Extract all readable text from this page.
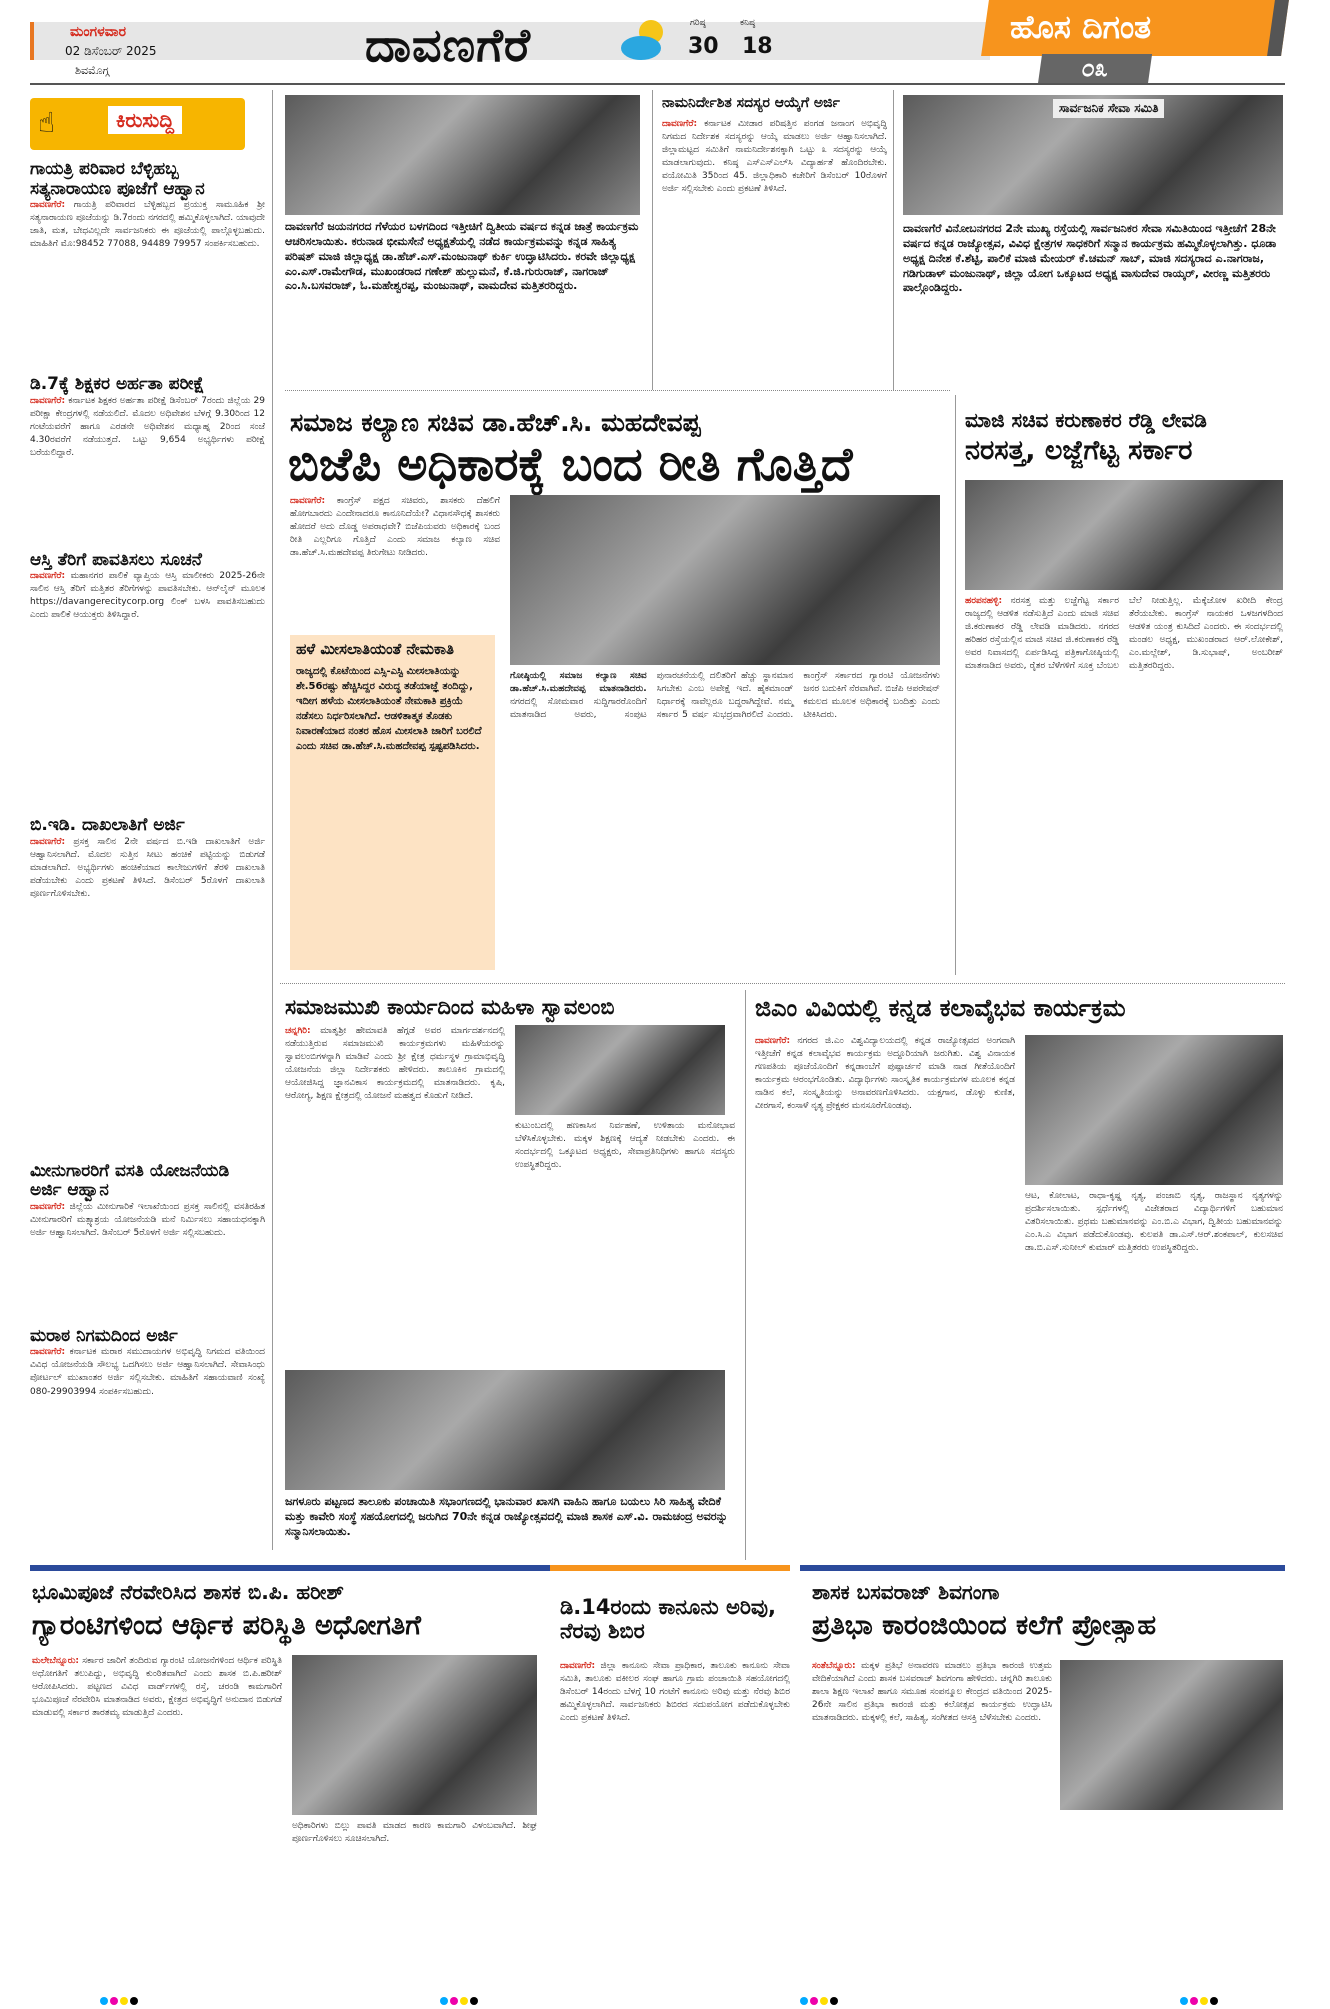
ಮಂಗಳವಾರ
02 ಡಿಸೆಂಬರ್ 2025
ಶಿವಮೊಗ್ಗ	ದಾವಣಗೆರೆ	ಗರಿಷ್ಠ
30
ಕನಿಷ್ಠ
18
ಹೊಸ ದಿಗಂತ
೦೩
☝	ಕಿರುಸುದ್ದಿ
ಗಾಯತ್ರಿ ಪರಿವಾರ ಬೆಳ್ಳಿಹಬ್ಬ ಸತ್ಯನಾರಾಯಣ ಪೂಜೆಗೆ ಆಹ್ವಾನ
ದಾವಣಗೆರೆ: ಗಾಯತ್ರಿ ಪರಿವಾರದ ಬೆಳ್ಳಿಹಬ್ಬದ ಪ್ರಯುಕ್ತ ಸಾಮೂಹಿಕ ಶ್ರೀ ಸತ್ಯನಾರಾಯಣ ಪೂಜೆಯನ್ನು ಡಿ.7ರಂದು ನಗರದಲ್ಲಿ ಹಮ್ಮಿಕೊಳ್ಳಲಾಗಿದೆ. ಯಾವುದೇ ಜಾತಿ, ಮತ, ಬೇಧವಿಲ್ಲದೇ ಸಾರ್ವಜನಿಕರು ಈ ಪೂಜೆಯಲ್ಲಿ ಪಾಲ್ಗೊಳ್ಳಬಹುದು. ಮಾಹಿತಿಗೆ ಮೊ:98452 77088, 94489 79957 ಸಂಪರ್ಕಿಸಬಹುದು.
ಡಿ.7ಕ್ಕೆ ಶಿಕ್ಷಕರ ಅರ್ಹತಾ ಪರೀಕ್ಷೆ
ದಾವಣಗೆರೆ: ಕರ್ನಾಟಕ ಶಿಕ್ಷಕರ ಅರ್ಹತಾ ಪರೀಕ್ಷೆ ಡಿಸೆಂಬರ್ 7ರಂದು ಜಿಲ್ಲೆಯ 29 ಪರೀಕ್ಷಾ ಕೇಂದ್ರಗಳಲ್ಲಿ ನಡೆಯಲಿದೆ. ಮೊದಲ ಅಧಿವೇಶನ ಬೆಳಗ್ಗೆ 9.30ರಿಂದ 12 ಗಂಟೆಯವರೆಗೆ ಹಾಗೂ ಎರಡನೇ ಅಧಿವೇಶನ ಮಧ್ಯಾಹ್ನ 2ರಿಂದ ಸಂಜೆ 4.30ರವರೆಗೆ ನಡೆಯುತ್ತದೆ. ಒಟ್ಟು 9,654 ಅಭ್ಯರ್ಥಿಗಳು ಪರೀಕ್ಷೆ ಬರೆಯಲಿದ್ದಾರೆ.
ಆಸ್ತಿ ತೆರಿಗೆ ಪಾವತಿಸಲು ಸೂಚನೆ
ದಾವಣಗೆರೆ: ಮಹಾನಗರ ಪಾಲಿಕೆ ವ್ಯಾಪ್ತಿಯ ಆಸ್ತಿ ಮಾಲೀಕರು 2025-26ನೇ ಸಾಲಿನ ಆಸ್ತಿ ತೆರಿಗೆ ಮತ್ತಿತರ ತೆರಿಗೆಗಳನ್ನು ಪಾವತಿಸಬೇಕು. ಆನ್‌ಲೈನ್ ಮೂಲಕ https://davangerecitycorp.org ಲಿಂಕ್ ಬಳಸಿ ಪಾವತಿಸಬಹುದು ಎಂದು ಪಾಲಿಕೆ ಆಯುಕ್ತರು ತಿಳಿಸಿದ್ದಾರೆ.
ಬಿ.ಇಡಿ. ದಾಖಲಾತಿಗೆ ಅರ್ಜಿ
ದಾವಣಗೆರೆ: ಪ್ರಸಕ್ತ ಸಾಲಿನ 2ನೇ ವರ್ಷದ ಬಿ.ಇಡಿ ದಾಖಲಾತಿಗೆ ಅರ್ಜಿ ಆಹ್ವಾನಿಸಲಾಗಿದೆ. ಮೊದಲ ಸುತ್ತಿನ ಸೀಟು ಹಂಚಿಕೆ ಪಟ್ಟಿಯನ್ನು ಬಿಡುಗಡೆ ಮಾಡಲಾಗಿದೆ. ಅಭ್ಯರ್ಥಿಗಳು ಹಂಚಿಕೆಯಾದ ಕಾಲೇಜುಗಳಿಗೆ ತೆರಳಿ ದಾಖಲಾತಿ ಪಡೆಯಬೇಕು ಎಂದು ಪ್ರಕಟಣೆ ತಿಳಿಸಿದೆ. ಡಿಸೆಂಬರ್ 5ರೊಳಗೆ ದಾಖಲಾತಿ ಪೂರ್ಣಗೊಳಿಸಬೇಕು.
ಮೀನುಗಾರರಿಗೆ ವಸತಿ ಯೋಜನೆಯಡಿ ಅರ್ಜಿ ಆಹ್ವಾನ
ದಾವಣಗೆರೆ: ಜಿಲ್ಲೆಯ ಮೀನುಗಾರಿಕೆ ಇಲಾಖೆಯಿಂದ ಪ್ರಸಕ್ತ ಸಾಲಿನಲ್ಲಿ ವಸತಿರಹಿತ ಮೀನುಗಾರರಿಗೆ ಮತ್ಸ್ಯಾಶ್ರಯ ಯೋಜನೆಯಡಿ ಮನೆ ನಿರ್ಮಿಸಲು ಸಹಾಯಧನಕ್ಕಾಗಿ ಅರ್ಜಿ ಆಹ್ವಾನಿಸಲಾಗಿದೆ. ಡಿಸೆಂಬರ್ 5ರೊಳಗೆ ಅರ್ಜಿ ಸಲ್ಲಿಸಬಹುದು.
ಮರಾಠ ನಿಗಮದಿಂದ ಅರ್ಜಿ
ದಾವಣಗೆರೆ: ಕರ್ನಾಟಕ ಮರಾಠ ಸಮುದಾಯಗಳ ಅಭಿವೃದ್ಧಿ ನಿಗಮದ ವತಿಯಿಂದ ವಿವಿಧ ಯೋಜನೆಯಡಿ ಸೌಲಭ್ಯ ಒದಗಿಸಲು ಅರ್ಜಿ ಆಹ್ವಾನಿಸಲಾಗಿದೆ. ಸೇವಾಸಿಂಧು ಪೋರ್ಟಲ್ ಮುಖಾಂತರ ಅರ್ಜಿ ಸಲ್ಲಿಸಬೇಕು. ಮಾಹಿತಿಗೆ ಸಹಾಯವಾಣಿ ಸಂಖ್ಯೆ 080-29903994 ಸಂಪರ್ಕಿಸಬಹುದು.
ದಾವಣಗೆರೆ ಜಯನಗರದ ಗೆಳೆಯರ ಬಳಗದಿಂದ ಇತ್ತೀಚಿಗೆ ದ್ವಿತೀಯ ವರ್ಷದ ಕನ್ನಡ ಜಾತ್ರೆ ಕಾರ್ಯಕ್ರಮ ಆಚರಿಸಲಾಯಿತು. ಕರುನಾಡ ಭೀಮಸೇನೆ ಅಧ್ಯಕ್ಷತೆಯಲ್ಲಿ ನಡೆದ ಕಾರ್ಯಕ್ರಮವನ್ನು ಕನ್ನಡ ಸಾಹಿತ್ಯ ಪರಿಷತ್ ಮಾಜಿ ಜಿಲ್ಲಾಧ್ಯಕ್ಷ ಡಾ.ಹೆಚ್.ಎಸ್.ಮಂಜುನಾಥ್ ಕುರ್ಕಿ ಉದ್ಘಾಟಿಸಿದರು. ಕರವೇ ಜಿಲ್ಲಾಧ್ಯಕ್ಷ ಎಂ.ಎಸ್.ರಾಮೇಗೌಡ, ಮುಖಂಡರಾದ ಗಣೇಶ್ ಹುಲ್ಲುಮನೆ, ಕೆ.ಜಿ.ಗುರುರಾಜ್, ನಾಗರಾಜ್ ಎಂ.ಸಿ.ಬಸವರಾಜ್, ಓ.ಮಹೇಶ್ವರಪ್ಪ, ಮಂಜುನಾಥ್, ವಾಮದೇವ ಮತ್ತಿತರರಿದ್ದರು.
ನಾಮನಿರ್ದೇಶಿತ ಸದಸ್ಯರ ಆಯ್ಕೆಗೆ ಅರ್ಜಿ
ದಾವಣಗೆರೆ: ಕರ್ನಾಟಕ ಮೀಡಾರ ಪರಿಷತ್ತಿನ ಪಂಗಡ ಜನಾಂಗ ಅಭಿವೃದ್ಧಿ ನಿಗಮದ ನಿರ್ದೇಶಕ ಸದಸ್ಯರನ್ನು ಆಯ್ಕೆ ಮಾಡಲು ಅರ್ಜಿ ಆಹ್ವಾನಿಸಲಾಗಿದೆ. ಜಿಲ್ಲಾಮಟ್ಟದ ಸಮಿತಿಗೆ ನಾಮನಿರ್ದೇಶನಕ್ಕಾಗಿ ಒಟ್ಟು ೩ ಸದಸ್ಯರನ್ನು ಆಯ್ಕೆ ಮಾಡಲಾಗುವುದು. ಕನಿಷ್ಠ ಎಸ್‌ಎಸ್‌ಎಲ್‌ಸಿ ವಿದ್ಯಾರ್ಹತೆ ಹೊಂದಿರಬೇಕು. ವಯೋಮಿತಿ 35ರಿಂದ 45. ಜಿಲ್ಲಾಧಿಕಾರಿ ಕಚೇರಿಗೆ ಡಿಸೆಂಬರ್ 10ರೊಳಗೆ ಅರ್ಜಿ ಸಲ್ಲಿಸಬೇಕು ಎಂದು ಪ್ರಕಟಣೆ ತಿಳಿಸಿದೆ.
ಸಾರ್ವಜನಿಕ ಸೇವಾ ಸಮಿತಿ
ದಾವಣಗೆರೆ ವಿನೋಬನಗರದ 2ನೇ ಮುಖ್ಯ ರಸ್ತೆಯಲ್ಲಿ ಸಾರ್ವಜನಿಕರ ಸೇವಾ ಸಮಿತಿಯಿಂದ ಇತ್ತೀಚೆಗೆ 28ನೇ ವರ್ಷದ ಕನ್ನಡ ರಾಜ್ಯೋತ್ಸವ, ವಿವಿಧ ಕ್ಷೇತ್ರಗಳ ಸಾಧಕರಿಗೆ ಸನ್ಮಾನ ಕಾರ್ಯಕ್ರಮ ಹಮ್ಮಿಕೊಳ್ಳಲಾಗಿತ್ತು. ಧೂಡಾ ಅಧ್ಯಕ್ಷ ದಿನೇಶ ಕೆ.ಶೆಟ್ಟಿ, ಪಾಲಿಕೆ ಮಾಜಿ ಮೇಯರ್ ಕೆ.ಚಮನ್ ಸಾಬ್, ಮಾಜಿ ಸದಸ್ಯರಾದ ಎ.ನಾಗರಾಜ, ಗಡಿಗುಡಾಳ್ ಮಂಜುನಾಥ್, ಜಿಲ್ಲಾ ಯೋಗ ಒಕ್ಕೂಟದ ಅಧ್ಯಕ್ಷ ವಾಸುದೇವ ರಾಯ್ಕರ್, ವೀರಣ್ಣ ಮತ್ತಿತರರು ಪಾಲ್ಗೊಂಡಿದ್ದರು.
ಸಮಾಜ ಕಲ್ಯಾಣ ಸಚಿವ ಡಾ.ಹೆಚ್.ಸಿ. ಮಹದೇವಪ್ಪ
ಬಿಜೆಪಿ ಅಧಿಕಾರಕ್ಕೆ ಬಂದ ರೀತಿ ಗೊತ್ತಿದೆ
ದಾವಣಗೆರೆ: ಕಾಂಗ್ರೆಸ್ ಪಕ್ಷದ ಸಚಿವರು, ಶಾಸಕರು ದೆಹಲಿಗೆ ಹೋಗಬಾರದು ಎಂದೇನಾದರೂ ಕಾನೂನಿದೆಯೇ? ವಿಧಾನಸೌಧಕ್ಕೆ ಶಾಸಕರು ಹೋದರೆ ಅದು ದೊಡ್ಡ ಅಪರಾಧವೇ? ಬಿಜೆಪಿಯವರು ಅಧಿಕಾರಕ್ಕೆ ಬಂದ ರೀತಿ ಎಲ್ಲರಿಗೂ ಗೊತ್ತಿದೆ ಎಂದು ಸಮಾಜ ಕಲ್ಯಾಣ ಸಚಿವ ಡಾ.ಹೆಚ್.ಸಿ.ಮಹದೇವಪ್ಪ ತಿರುಗೇಟು ನೀಡಿದರು.
ಹಳೆ ಮೀಸಲಾತಿಯಂತೆ ನೇಮಕಾತಿ
ರಾಜ್ಯದಲ್ಲಿ ಕೊಟೆಯಿಂದ ಎಸ್ಸಿ-ಎಸ್ಟಿ ಮೀಸಲಾತಿಯನ್ನು ಶೇ.56ರಷ್ಟು ಹೆಚ್ಚಿಸಿದ್ದರ ವಿರುದ್ಧ ತಡೆಯಾಜ್ಞೆ ತಂದಿದ್ದು, ಇದೀಗ ಹಳೆಯ ಮೀಸಲಾತಿಯಂತೆ ನೇಮಕಾತಿ ಪ್ರಕ್ರಿಯೆ ನಡೆಸಲು ನಿರ್ಧರಿಸಲಾಗಿದೆ. ಆಡಳಿತಾತ್ಮಕ ತೊಡಕು ನಿವಾರಣೆಯಾದ ನಂತರ ಹೊಸ ಮೀಸಲಾತಿ ಜಾರಿಗೆ ಬರಲಿದೆ ಎಂದು ಸಚಿವ ಡಾ.ಹೆಚ್.ಸಿ.ಮಹದೇವಪ್ಪ ಸ್ಪಷ್ಟಪಡಿಸಿದರು.
ಗೋಷ್ಠಿಯಲ್ಲಿ ಸಮಾಜ ಕಲ್ಯಾಣ ಸಚಿವ ಡಾ.ಹೆಚ್.ಸಿ.ಮಹದೇವಪ್ಪ ಮಾತನಾಡಿದರು. ನಗರದಲ್ಲಿ ಸೋಮವಾರ ಸುದ್ದಿಗಾರರೊಂದಿಗೆ ಮಾತನಾಡಿದ ಅವರು, ಸಂಪುಟ ಪುನಾರಚನೆಯಲ್ಲಿ ದಲಿತರಿಗೆ ಹೆಚ್ಚು ಸ್ಥಾನಮಾನ ಸಿಗಬೇಕು ಎಂಬ ಅಪೇಕ್ಷೆ ಇದೆ. ಹೈಕಮಾಂಡ್ ನಿರ್ಧಾರಕ್ಕೆ ನಾವೆಲ್ಲರೂ ಬದ್ಧರಾಗಿದ್ದೇವೆ. ನಮ್ಮ ಸರ್ಕಾರ 5 ವರ್ಷ ಸುಭದ್ರವಾಗಿರಲಿದೆ ಎಂದರು. ಕಾಂಗ್ರೆಸ್ ಸರ್ಕಾರದ ಗ್ಯಾರಂಟಿ ಯೋಜನೆಗಳು ಜನರ ಬದುಕಿಗೆ ನೆರವಾಗಿವೆ. ಬಿಜೆಪಿ ಆಪರೇಷನ್ ಕಮಲದ ಮೂಲಕ ಅಧಿಕಾರಕ್ಕೆ ಬಂದಿತ್ತು ಎಂದು ಟೀಕಿಸಿದರು.
ಮಾಜಿ ಸಚಿವ ಕರುಣಾಕರ ರೆಡ್ಡಿ ಲೇವಡಿ
ನರಸತ್ತ, ಲಜ್ಜೆಗೆಟ್ಟ ಸರ್ಕಾರ
ಹರಪನಹಳ್ಳಿ: ನರಸತ್ತ ಮತ್ತು ಲಜ್ಜೆಗೆಟ್ಟ ಸರ್ಕಾರ ರಾಜ್ಯದಲ್ಲಿ ಆಡಳಿತ ನಡೆಸುತ್ತಿದೆ ಎಂದು ಮಾಜಿ ಸಚಿವ ಜಿ.ಕರುಣಾಕರ ರೆಡ್ಡಿ ಲೇವಡಿ ಮಾಡಿದರು. ನಗರದ ಹರಿಹರ ರಸ್ತೆಯಲ್ಲಿನ ಮಾಜಿ ಸಚಿವ ಜಿ.ಕರುಣಾಕರ ರೆಡ್ಡಿ ಅವರ ನಿವಾಸದಲ್ಲಿ ಏರ್ಪಡಿಸಿದ್ದ ಪತ್ರಿಕಾಗೋಷ್ಠಿಯಲ್ಲಿ ಮಾತನಾಡಿದ ಅವರು, ರೈತರ ಬೆಳೆಗಳಿಗೆ ಸೂಕ್ತ ಬೆಂಬಲ ಬೆಲೆ ನೀಡುತ್ತಿಲ್ಲ. ಮೆಕ್ಕೆಜೋಳ ಖರೀದಿ ಕೇಂದ್ರ ತೆರೆಯಬೇಕು. ಕಾಂಗ್ರೆಸ್ ನಾಯಕರ ಒಳಜಗಳದಿಂದ ಆಡಳಿತ ಯಂತ್ರ ಕುಸಿದಿದೆ ಎಂದರು. ಈ ಸಂದರ್ಭದಲ್ಲಿ ಮಂಡಲ ಅಧ್ಯಕ್ಷ, ಮುಖಂಡರಾದ ಆರ್.ಲೋಕೇಶ್, ಎಂ.ಮಲ್ಲೇಶ್, ಡಿ.ಸುಭಾಷ್, ಅಂಬರೀಶ್ ಮತ್ತಿತರರಿದ್ದರು.
ಸಮಾಜಮುಖಿ ಕಾರ್ಯದಿಂದ ಮಹಿಳಾ ಸ್ವಾವಲಂಬಿ
ಚನ್ನಗಿರಿ: ಮಾತೃಶ್ರೀ ಹೇಮಾವತಿ ಹೆಗ್ಗಡೆ ಅವರ ಮಾರ್ಗದರ್ಶನದಲ್ಲಿ ನಡೆಯುತ್ತಿರುವ ಸಮಾಜಮುಖಿ ಕಾರ್ಯಕ್ರಮಗಳು ಮಹಿಳೆಯರನ್ನು ಸ್ವಾವಲಂಬಿಗಳನ್ನಾಗಿ ಮಾಡಿವೆ ಎಂದು ಶ್ರೀ ಕ್ಷೇತ್ರ ಧರ್ಮಸ್ಥಳ ಗ್ರಾಮಾಭಿವೃದ್ಧಿ ಯೋಜನೆಯ ಜಿಲ್ಲಾ ನಿರ್ದೇಶಕರು ಹೇಳಿದರು. ತಾಲೂಕಿನ ಗ್ರಾಮದಲ್ಲಿ ಆಯೋಜಿಸಿದ್ದ ಜ್ಞಾನವಿಕಾಸ ಕಾರ್ಯಕ್ರಮದಲ್ಲಿ ಮಾತನಾಡಿದರು. ಕೃಷಿ, ಆರೋಗ್ಯ, ಶಿಕ್ಷಣ ಕ್ಷೇತ್ರದಲ್ಲಿ ಯೋಜನೆ ಮಹತ್ವದ ಕೊಡುಗೆ ನೀಡಿದೆ.
ಕುಟುಂಬದಲ್ಲಿ ಹಣಕಾಸಿನ ನಿರ್ವಹಣೆ, ಉಳಿತಾಯ ಮನೋಭಾವ ಬೆಳೆಸಿಕೊಳ್ಳಬೇಕು. ಮಕ್ಕಳ ಶಿಕ್ಷಣಕ್ಕೆ ಆದ್ಯತೆ ನೀಡಬೇಕು ಎಂದರು. ಈ ಸಂದರ್ಭದಲ್ಲಿ ಒಕ್ಕೂಟದ ಅಧ್ಯಕ್ಷರು, ಸೇವಾಪ್ರತಿನಿಧಿಗಳು ಹಾಗೂ ಸದಸ್ಯರು ಉಪಸ್ಥಿತರಿದ್ದರು.
ಜಗಳೂರು ಪಟ್ಟಣದ ತಾಲೂಕು ಪಂಚಾಯಿತಿ ಸಭಾಂಗಣದಲ್ಲಿ ಭಾನುವಾರ ಖಾಸಗಿ ವಾಹಿನಿ ಹಾಗೂ ಬಯಲು ಸಿರಿ ಸಾಹಿತ್ಯ ವೇದಿಕೆ ಮತ್ತು ಕಾವೇರಿ ಸಂಸ್ಥೆ ಸಹಯೋಗದಲ್ಲಿ ಜರುಗಿದ 70ನೇ ಕನ್ನಡ ರಾಜ್ಯೋತ್ಸವದಲ್ಲಿ ಮಾಜಿ ಶಾಸಕ ಎಸ್.ವಿ. ರಾಮಚಂದ್ರ ಅವರನ್ನು ಸನ್ಮಾನಿಸಲಾಯಿತು.
ಜಿಎಂ ವಿವಿಯಲ್ಲಿ ಕನ್ನಡ ಕಲಾವೈಭವ ಕಾರ್ಯಕ್ರಮ
ದಾವಣಗೆರೆ: ನಗರದ ಜಿ.ಎಂ ವಿಶ್ವವಿದ್ಯಾಲಯದಲ್ಲಿ ಕನ್ನಡ ರಾಜ್ಯೋತ್ಸವದ ಅಂಗವಾಗಿ ಇತ್ತೀಚೆಗೆ ಕನ್ನಡ ಕಲಾವೈಭವ ಕಾರ್ಯಕ್ರಮ ಅದ್ದೂರಿಯಾಗಿ ಜರುಗಿತು. ವಿಶ್ವ ವಿನಾಯಕ ಗಣಪತಿಯ ಪೂಜೆಯೊಂದಿಗೆ ಕನ್ನಡಾಂಬೆಗೆ ಪುಷ್ಪಾರ್ಚನೆ ಮಾಡಿ ನಾಡ ಗೀತೆಯೊಂದಿಗೆ ಕಾರ್ಯಕ್ರಮ ಆರಂಭಗೊಂಡಿತು. ವಿದ್ಯಾರ್ಥಿಗಳು ಸಾಂಸ್ಕೃತಿಕ ಕಾರ್ಯಕ್ರಮಗಳ ಮೂಲಕ ಕನ್ನಡ ನಾಡಿನ ಕಲೆ, ಸಂಸ್ಕೃತಿಯನ್ನು ಅನಾವರಣಗೊಳಿಸಿದರು. ಯಕ್ಷಗಾನ, ಡೊಳ್ಳು ಕುಣಿತ, ವೀರಗಾಸೆ, ಕಂಸಾಳೆ ನೃತ್ಯ ಪ್ರೇಕ್ಷಕರ ಮನಸೂರೆಗೊಂಡವು.
ಆಟ, ಕೋಲಾಟ, ರಾಧಾ-ಕೃಷ್ಣ ನೃತ್ಯ, ಪಂಜಾಬಿ ನೃತ್ಯ, ರಾಜಸ್ಥಾನ ನೃತ್ಯಗಳನ್ನು ಪ್ರದರ್ಶಿಸಲಾಯಿತು. ಸ್ಪರ್ಧೆಗಳಲ್ಲಿ ವಿಜೇತರಾದ ವಿದ್ಯಾರ್ಥಿಗಳಿಗೆ ಬಹುಮಾನ ವಿತರಿಸಲಾಯಿತು. ಪ್ರಥಮ ಬಹುಮಾನವನ್ನು ಎಂ.ಬಿ.ಎ ವಿಭಾಗ, ದ್ವಿತೀಯ ಬಹುಮಾನವನ್ನು ಎಂ.ಸಿ.ಎ ವಿಭಾಗ ಪಡೆದುಕೊಂಡವು. ಕುಲಪತಿ ಡಾ.ಎಸ್.ಆರ್.ಶಂಕಪಾಲ್, ಕುಲಸಚಿವ ಡಾ.ಬಿ.ಎಸ್.ಸುನೀಲ್ ಕುಮಾರ್ ಮತ್ತಿತರರು ಉಪಸ್ಥಿತರಿದ್ದರು.
ಭೂಮಿಪೂಜೆ ನೆರವೇರಿಸಿದ ಶಾಸಕ ಬಿ.ಪಿ. ಹರೀಶ್
ಗ್ಯಾರಂಟಿಗಳಿಂದ ಆರ್ಥಿಕ ಪರಿಸ್ಥಿತಿ ಅಧೋಗತಿಗೆ
ಮಲೇಬೆನ್ನೂರು: ಸರ್ಕಾರ ಜಾರಿಗೆ ತಂದಿರುವ ಗ್ಯಾರಂಟಿ ಯೋಜನೆಗಳಿಂದ ಆರ್ಥಿಕ ಪರಿಸ್ಥಿತಿ ಅಧೋಗತಿಗೆ ತಲುಪಿದ್ದು, ಅಭಿವೃದ್ಧಿ ಕುಂಠಿತವಾಗಿದೆ ಎಂದು ಶಾಸಕ ಬಿ.ಪಿ.ಹರೀಶ್ ಆರೋಪಿಸಿದರು. ಪಟ್ಟಣದ ವಿವಿಧ ವಾರ್ಡ್‌ಗಳಲ್ಲಿ ರಸ್ತೆ, ಚರಂಡಿ ಕಾಮಗಾರಿಗೆ ಭೂಮಿಪೂಜೆ ನೆರವೇರಿಸಿ ಮಾತನಾಡಿದ ಅವರು, ಕ್ಷೇತ್ರದ ಅಭಿವೃದ್ಧಿಗೆ ಅನುದಾನ ಬಿಡುಗಡೆ ಮಾಡುವಲ್ಲಿ ಸರ್ಕಾರ ತಾರತಮ್ಯ ಮಾಡುತ್ತಿದೆ ಎಂದರು.
ಅಧಿಕಾರಿಗಳು ಬಿಲ್ಲು ಪಾವತಿ ಮಾಡದ ಕಾರಣ ಕಾಮಗಾರಿ ವಿಳಂಬವಾಗಿದೆ. ಶೀಘ್ರ ಪೂರ್ಣಗೊಳಿಸಲು ಸೂಚಿಸಲಾಗಿದೆ.
ಡಿ.14ರಂದು ಕಾನೂನು ಅರಿವು, ನೆರವು ಶಿಬಿರ
ದಾವಣಗೆರೆ: ಜಿಲ್ಲಾ ಕಾನೂನು ಸೇವಾ ಪ್ರಾಧಿಕಾರ, ತಾಲೂಕು ಕಾನೂನು ಸೇವಾ ಸಮಿತಿ, ತಾಲೂಕು ವಕೀಲರ ಸಂಘ ಹಾಗೂ ಗ್ರಾಮ ಪಂಚಾಯಿತಿ ಸಹಯೋಗದಲ್ಲಿ ಡಿಸೆಂಬರ್ 14ರಂದು ಬೆಳಗ್ಗೆ 10 ಗಂಟೆಗೆ ಕಾನೂನು ಅರಿವು ಮತ್ತು ನೆರವು ಶಿಬಿರ ಹಮ್ಮಿಕೊಳ್ಳಲಾಗಿದೆ. ಸಾರ್ವಜನಿಕರು ಶಿಬಿರದ ಸದುಪಯೋಗ ಪಡೆದುಕೊಳ್ಳಬೇಕು ಎಂದು ಪ್ರಕಟಣೆ ತಿಳಿಸಿದೆ.
ಶಾಸಕ ಬಸವರಾಜ್ ಶಿವಗಂಗಾ
ಪ್ರತಿಭಾ ಕಾರಂಜಿಯಿಂದ ಕಲೆಗೆ ಪ್ರೋತ್ಸಾಹ
ಸಂತೆಬೆನ್ನೂರು: ಮಕ್ಕಳ ಪ್ರತಿಭೆ ಅನಾವರಣ ಮಾಡಲು ಪ್ರತಿಭಾ ಕಾರಂಜಿ ಉತ್ತಮ ವೇದಿಕೆಯಾಗಿದೆ ಎಂದು ಶಾಸಕ ಬಸವರಾಜ್ ಶಿವಗಂಗಾ ಹೇಳಿದರು. ಚನ್ನಗಿರಿ ತಾಲೂಕು ಶಾಲಾ ಶಿಕ್ಷಣ ಇಲಾಖೆ ಹಾಗೂ ಸಮೂಹ ಸಂಪನ್ಮೂಲ ಕೇಂದ್ರದ ವತಿಯಿಂದ 2025-26ನೇ ಸಾಲಿನ ಪ್ರತಿಭಾ ಕಾರಂಜಿ ಮತ್ತು ಕಲೋತ್ಸವ ಕಾರ್ಯಕ್ರಮ ಉದ್ಘಾಟಿಸಿ ಮಾತನಾಡಿದರು. ಮಕ್ಕಳಲ್ಲಿ ಕಲೆ, ಸಾಹಿತ್ಯ, ಸಂಗೀತದ ಆಸಕ್ತಿ ಬೆಳೆಸಬೇಕು ಎಂದರು.
